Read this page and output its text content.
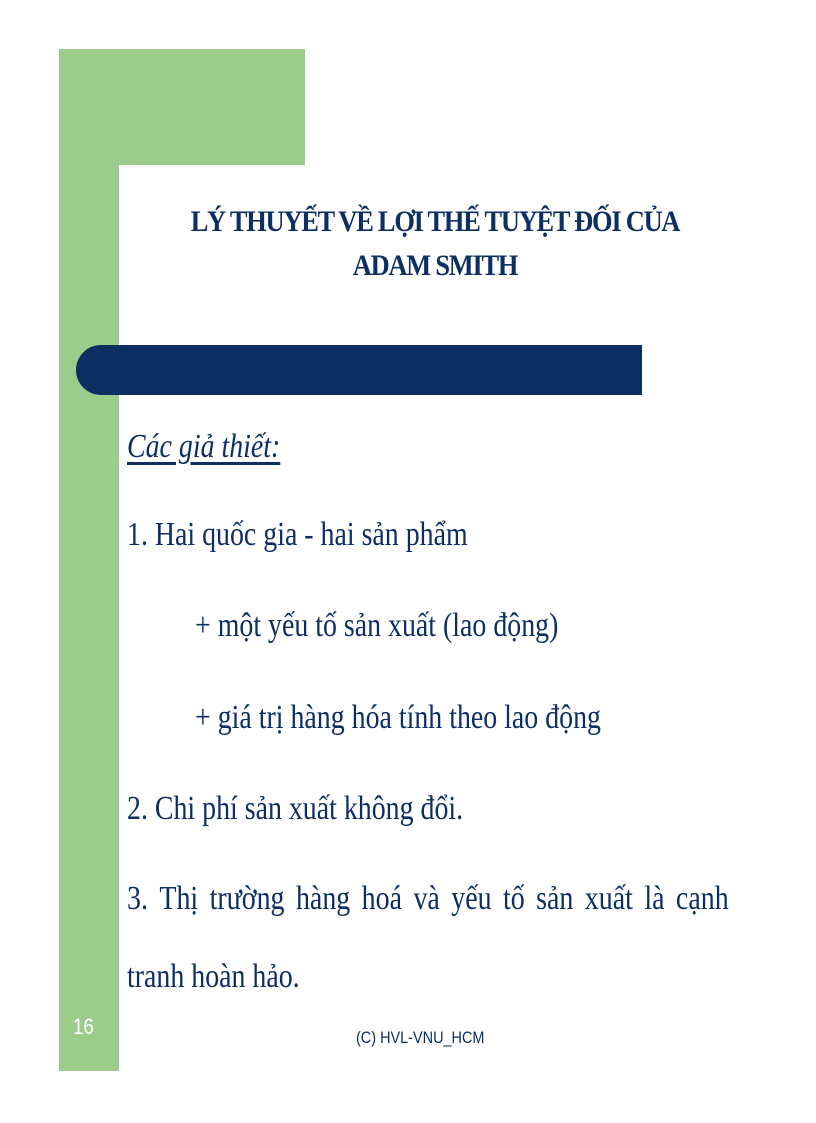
LÝ THUYẾT VỀ LỢI THẾ TUYỆT ĐỐI CỦA
ADAM SMITH
Các giả thiết:
1. Hai quốc gia - hai sản phẩm
+ một yếu tố sản xuất (lao động)
+ giá trị hàng hóa tính theo lao động
2. Chi phí sản xuất không đổi.
3. Thị trường hàng hoá và yếu tố sản xuất là cạnh
tranh hoàn hảo.
16	(C) HVL-VNU_HCM
